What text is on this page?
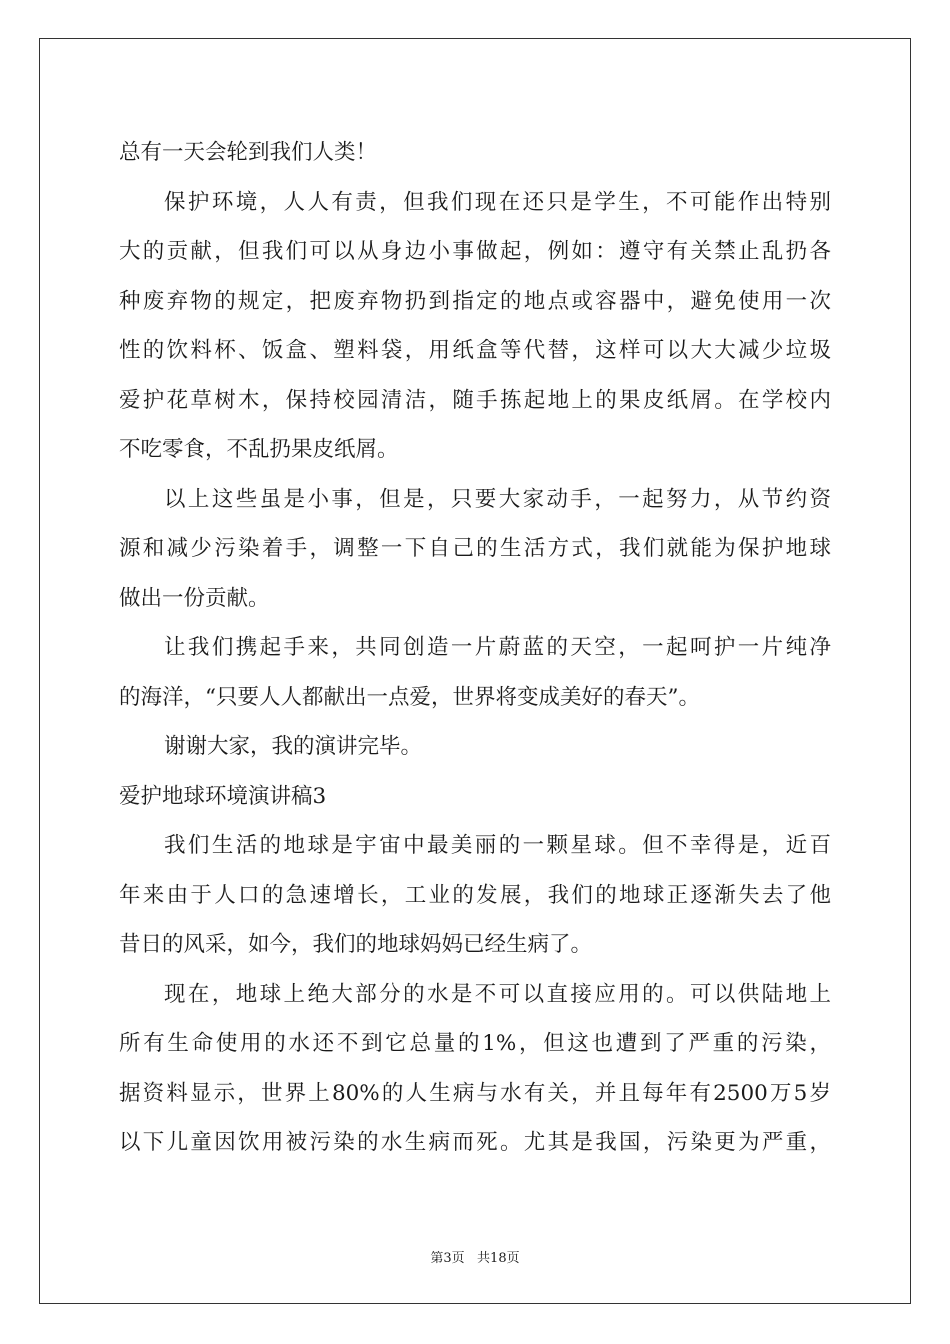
总有一天会轮到我们人类！
保护环境，人人有责，但我们现在还只是学生，不可能作出特别
大的贡献，但我们可以从身边小事做起，例如：遵守有关禁止乱扔各
种废弃物的规定，把废弃物扔到指定的地点或容器中，避免使用一次
性的饮料杯、饭盒、塑料袋，用纸盒等代替，这样可以大大减少垃圾
爱护花草树木，保持校园清洁，随手拣起地上的果皮纸屑。在学校内
不吃零食，不乱扔果皮纸屑。
以上这些虽是小事，但是，只要大家动手，一起努力，从节约资
源和减少污染着手，调整一下自己的生活方式，我们就能为保护地球
做出一份贡献。
让我们携起手来，共同创造一片蔚蓝的天空，一起呵护一片纯净
的海洋，“只要人人都献出一点爱，世界将变成美好的春天”。
谢谢大家，我的演讲完毕。
爱护地球环境演讲稿3
我们生活的地球是宇宙中最美丽的一颗星球。但不幸得是，近百
年来由于人口的急速增长，工业的发展，我们的地球正逐渐失去了他
昔日的风采，如今，我们的地球妈妈已经生病了。
现在，地球上绝大部分的水是不可以直接应用的。可以供陆地上
所有生命使用的水还不到它总量的1%，但这也遭到了严重的污染，
据资料显示，世界上80%的人生病与水有关，并且每年有2500万5岁
以下儿童因饮用被污染的水生病而死。尤其是我国，污染更为严重，
第3页   共18页
